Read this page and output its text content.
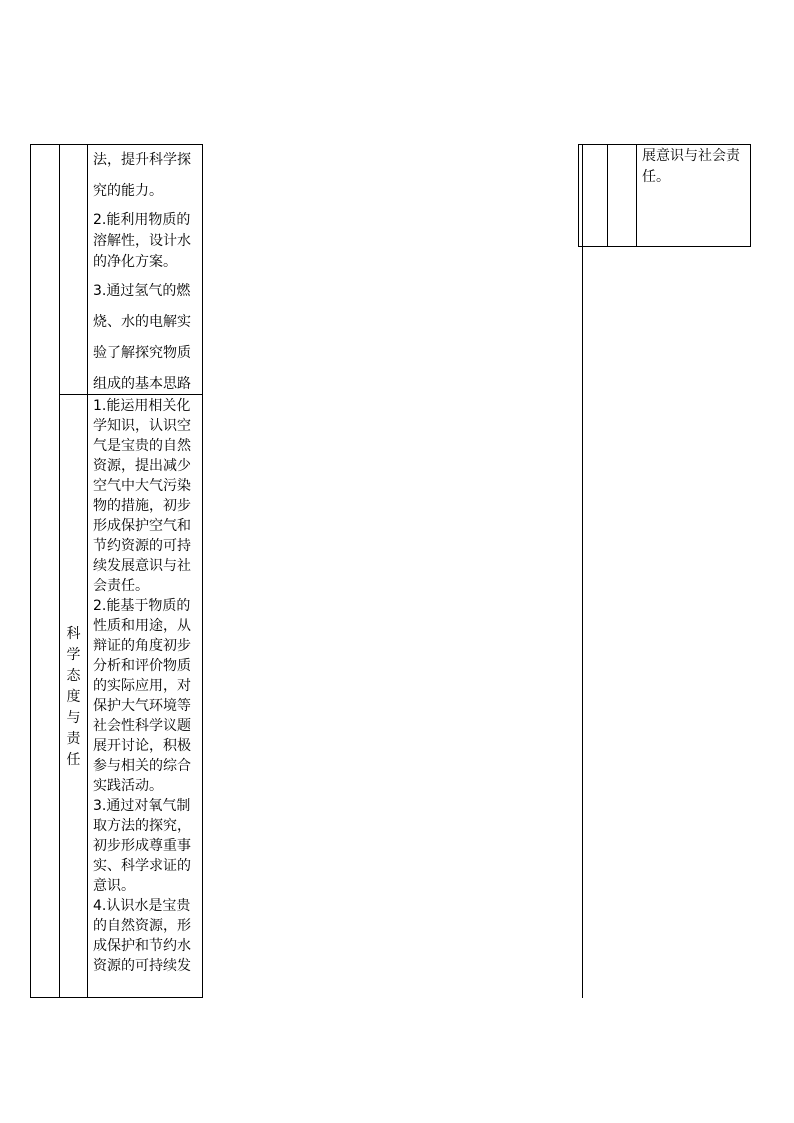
法，提升科学探究的能力。

2.能利用物质的溶解性，设计水的净化方案。

3.通过氢气的燃烧、水的电解实验了解探究物质组成的基本思路

科
学
态
度
与
责
任

1.能运用相关化学知识，认识空气是宝贵的自然资源，提出减少空气中大气污染物的措施，初步形成保护空气和节约资源的可持续发展意识与社会责任。

2.能基于物质的性质和用途，从辩证的角度初步分析和评价物质的实际应用，对保护大气环境等社会性科学议题展开讨论，积极参与相关的综合实践活动。

3.通过对氧气制取方法的探究，初步形成尊重事实、科学求证的意识。

4.认识水是宝贵的自然资源，形成保护和节约水资源的可持续发

展意识与社会责任。
